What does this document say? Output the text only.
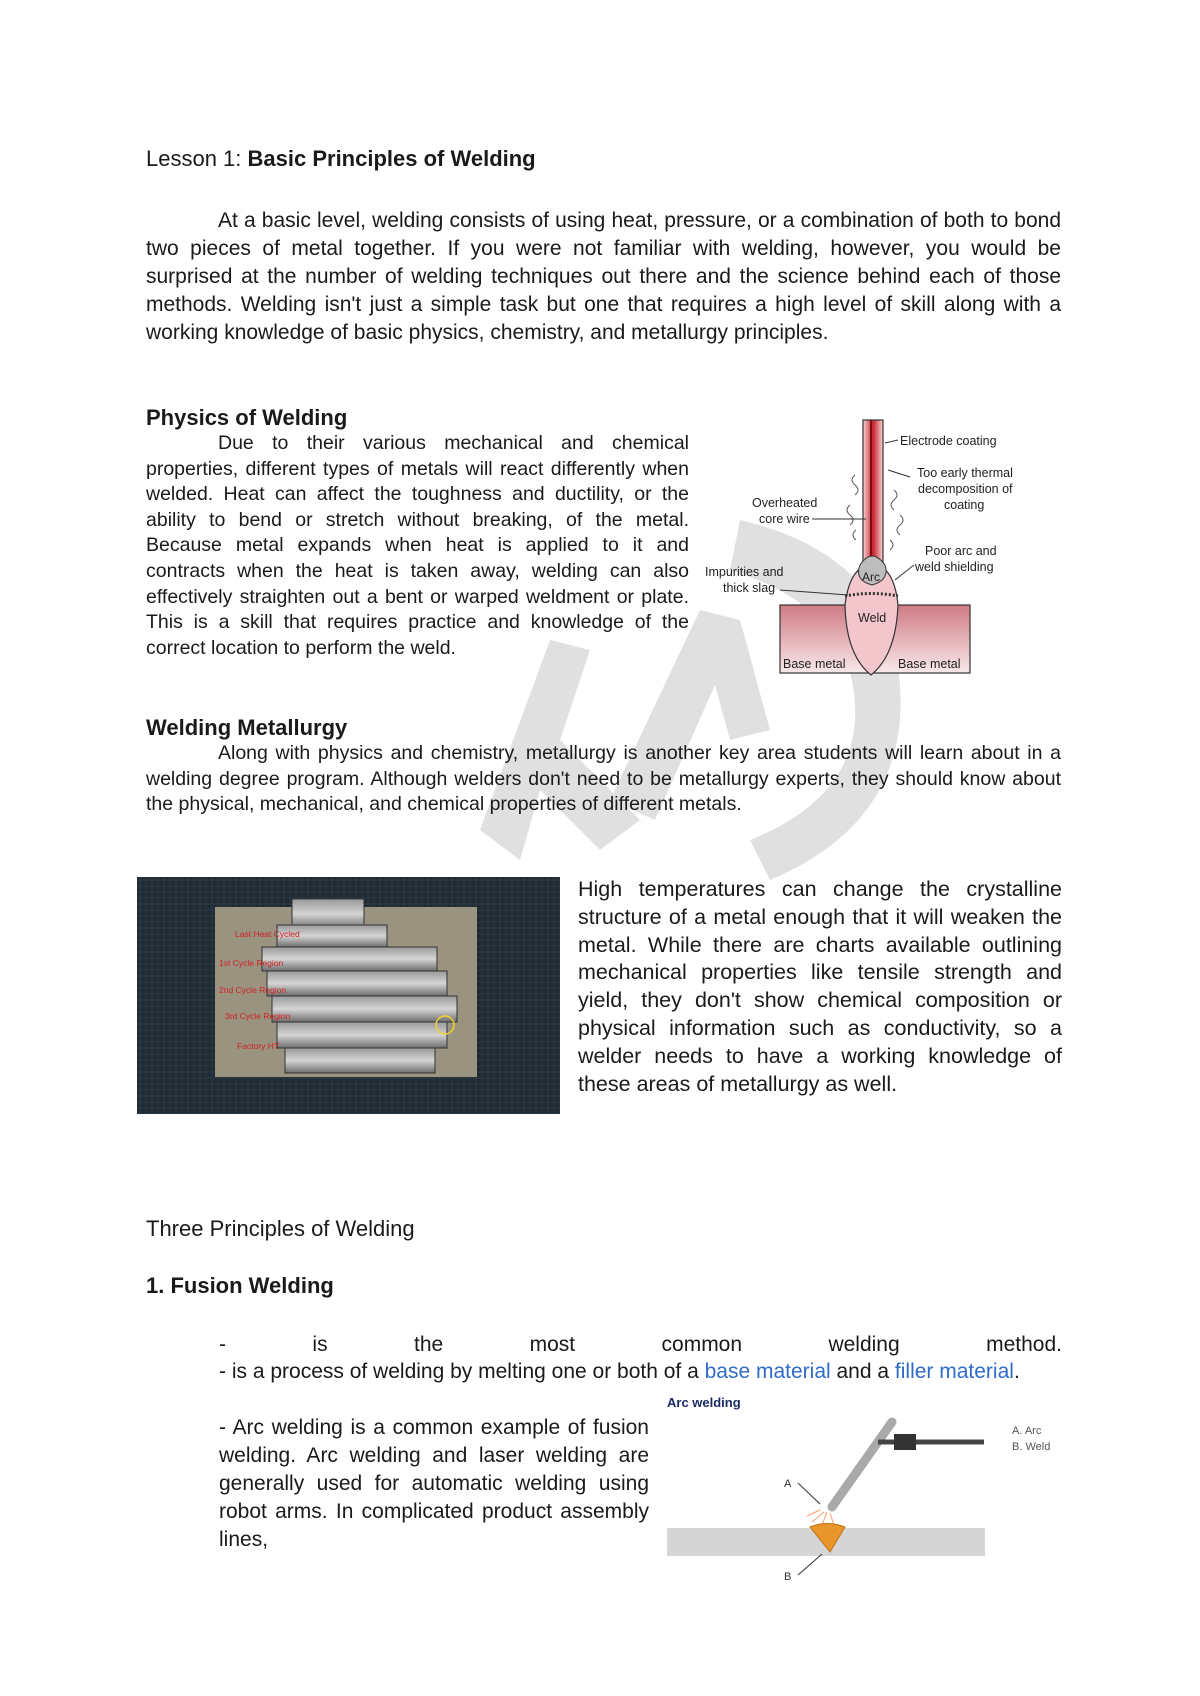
Lesson 1: Basic Principles of Welding

At a basic level, welding consists of using heat, pressure, or a combination of both to bond two pieces of metal together. If you were not familiar with welding, however, you would be surprised at the number of welding techniques out there and the science behind each of those methods. Welding isn't just a simple task but one that requires a high level of skill along with a working knowledge of basic physics, chemistry, and metallurgy principles.

Physics of Welding

Due to their various mechanical and chemical properties, different types of metals will react differently when welded. Heat can affect the toughness and ductility, or the ability to bend or stretch without breaking, of the metal. Because metal expands when heat is applied to it and contracts when the heat is taken away, welding can also effectively straighten out a bent or warped weldment or plate. This is a skill that requires practice and knowledge of the correct location to perform the weld.

Electrode coating
Too early thermal
decomposition of
coating
Overheated
core wire
Poor arc and
weld shielding
Impurities and
thick slag
Arc
Weld
Base metal	Base metal
Welding Metallurgy

Along with physics and chemistry, metallurgy is another key area students will learn about in a welding degree program. Although welders don't need to be metallurgy experts, they should know about the physical, mechanical, and chemical properties of different metals.

Last Heat Cycled
1st Cycle Region
2nd Cycle Region
3rd Cycle Region
Factory HT

High temperatures can change the crystalline structure of a metal enough that it will weaken the metal. While there are charts available outlining mechanical properties like tensile strength and yield, they don't show chemical composition or physical information such as conductivity, so a welder needs to have a working knowledge of these areas of metallurgy as well.

Three Principles of Welding
1. Fusion Welding
-	is	the	most	common	welding	method.

- is a process of welding by melting one or both of a base material and a filler material.

- Arc welding is a common example of fusion welding. Arc welding and laser welding are generally used for automatic welding using robot arms. In complicated product assembly lines,

Arc welding
A
B
A. Arc
B. Weld
